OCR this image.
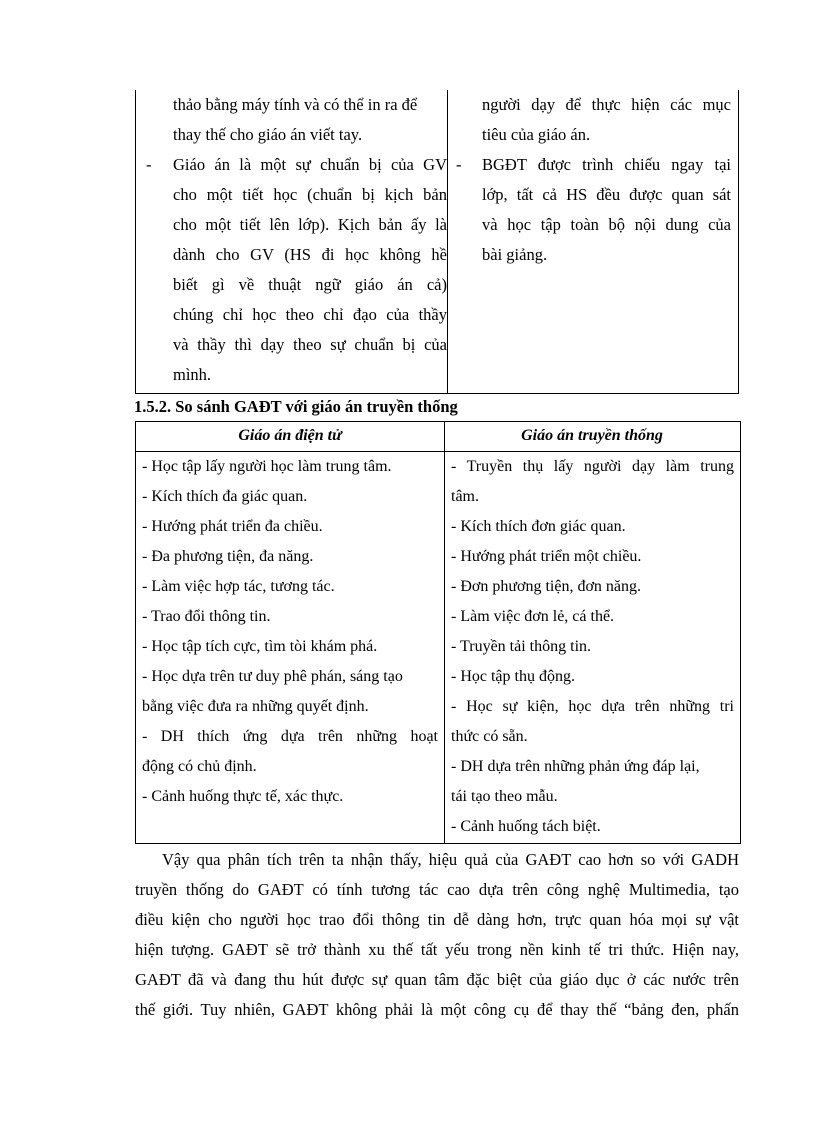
thảo bằng máy tính và có thể in ra để
thay thế cho giáo án viết tay.
- Giáo án là một sự chuẩn bị của GV
cho một tiết học (chuẩn bị kịch bản
cho một tiết lên lớp). Kịch bản ấy là
dành cho GV (HS đi học không hề
biết gì về thuật ngữ giáo án cả)
chúng chỉ học theo chỉ đạo của thầy
và thầy thì dạy theo sự chuẩn bị của
mình.
người dạy để thực hiện các mục
tiêu của giáo án.
- BGĐT được trình chiếu ngay tại
lớp, tất cả HS đều được quan sát
và học tập toàn bộ nội dung của
bài giảng.
1.5.2. So sánh GAĐT với giáo án truyền thống
Giáo án điện tử	Giáo án truyền thống
- Học tập lấy người học làm trung tâm.
- Kích thích đa giác quan.
- Hướng phát triển đa chiều.
- Đa phương tiện, đa năng.
- Làm việc hợp tác, tương tác.
- Trao đổi thông tin.
- Học tập tích cực, tìm tòi khám phá.
- Học dựa trên tư duy phê phán, sáng tạo
bằng việc đưa ra những quyết định.
- DH thích ứng dựa trên những hoạt
động có chủ định.
- Cảnh huống thực tế, xác thực.
- Truyền thụ lấy người dạy làm trung
tâm.
- Kích thích đơn giác quan.
- Hướng phát triển một chiều.
- Đơn phương tiện, đơn năng.
- Làm việc đơn lẻ, cá thể.
- Truyền tải thông tin.
- Học tập thụ động.
- Học sự kiện, học dựa trên những tri
thức có sẵn.
- DH dựa trên những phản ứng đáp lại,
tái tạo theo mẫu.
- Cảnh huống tách biệt.
Vậy qua phân tích trên ta nhận thấy, hiệu quả của GAĐT cao hơn so với GADH
truyền thống do GAĐT có tính tương tác cao dựa trên công nghệ Multimedia, tạo
điều kiện cho người học trao đổi thông tin dễ dàng hơn, trực quan hóa mọi sự vật
hiện tượng. GAĐT sẽ trở thành xu thế tất yếu trong nền kinh tế tri thức. Hiện nay,
GAĐT đã và đang thu hút được sự quan tâm đặc biệt của giáo dục ở các nước trên
thế giới. Tuy nhiên, GAĐT không phải là một công cụ để thay thế “bảng đen, phấn
